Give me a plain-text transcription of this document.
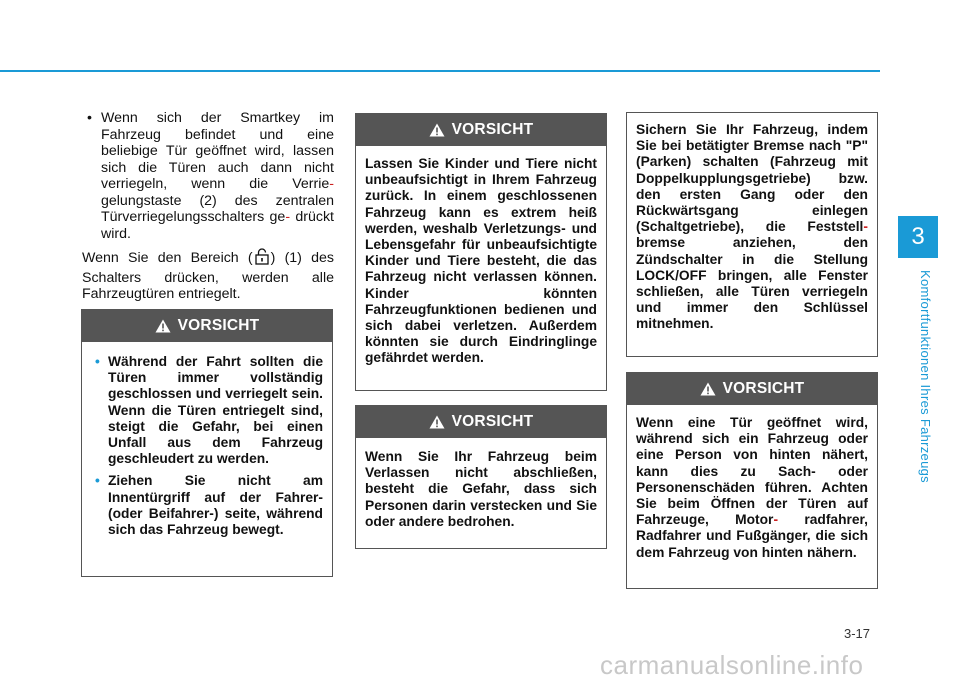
3
Komfortfunktionen Ihres Fahrzeugs

• Wenn sich der Smartkey im Fahrzeug befindet und eine beliebige Tür geöffnet wird, lassen sich die Türen auch dann nicht verriegeln, wenn die Verrie- gelungstaste (2) des zentralen Türverriegelungsschalters ge- drückt wird.

Wenn Sie den Bereich ( ) (1) des Schalters drücken, werden alle Fahrzeugtüren entriegelt.

VORSICHT
• Während der Fahrt sollten die Türen immer vollständig geschlossen und verriegelt sein. Wenn die Türen entriegelt sind, steigt die Gefahr, bei einen Unfall aus dem Fahrzeug geschleudert zu werden.
• Ziehen Sie nicht am Innentürgriff auf der Fahrer- (oder Beifahrer-) seite, während sich das Fahrzeug bewegt.
VORSICHT

Lassen Sie Kinder und Tiere nicht unbeaufsichtigt in Ihrem Fahrzeug zurück. In einem geschlossenen Fahrzeug kann es extrem heiß werden, weshalb Verletzungs- und Lebensgefahr für unbeaufsichtigte Kinder und Tiere besteht, die das Fahrzeug nicht verlassen können. Kinder könnten Fahrzeugfunktionen bedienen und sich dabei verletzen. Außerdem könnten sie durch Eindringlinge gefährdet werden.

VORSICHT

Wenn Sie Ihr Fahrzeug beim Verlassen nicht abschließen, besteht die Gefahr, dass sich Personen darin verstecken und Sie oder andere bedrohen.

Sichern Sie Ihr Fahrzeug, indem Sie bei betätigter Bremse nach "P" (Parken) schalten (Fahrzeug mit Doppelkupplungsgetriebe) bzw. den ersten Gang oder den Rückwärtsgang einlegen (Schaltgetriebe), die Feststell- bremse anziehen, den Zündschalter in die Stellung LOCK/OFF bringen, alle Fenster schließen, alle Türen verriegeln und immer den Schlüssel mitnehmen.

VORSICHT

Wenn eine Tür geöffnet wird, während sich ein Fahrzeug oder eine Person von hinten nähert, kann dies zu Sach- oder Personenschäden führen. Achten Sie beim Öffnen der Türen auf Fahrzeuge, Motor- radfahrer, Radfahrer und Fußgänger, die sich dem Fahrzeug von hinten nähern.

3-17
carmanualsonline.info
